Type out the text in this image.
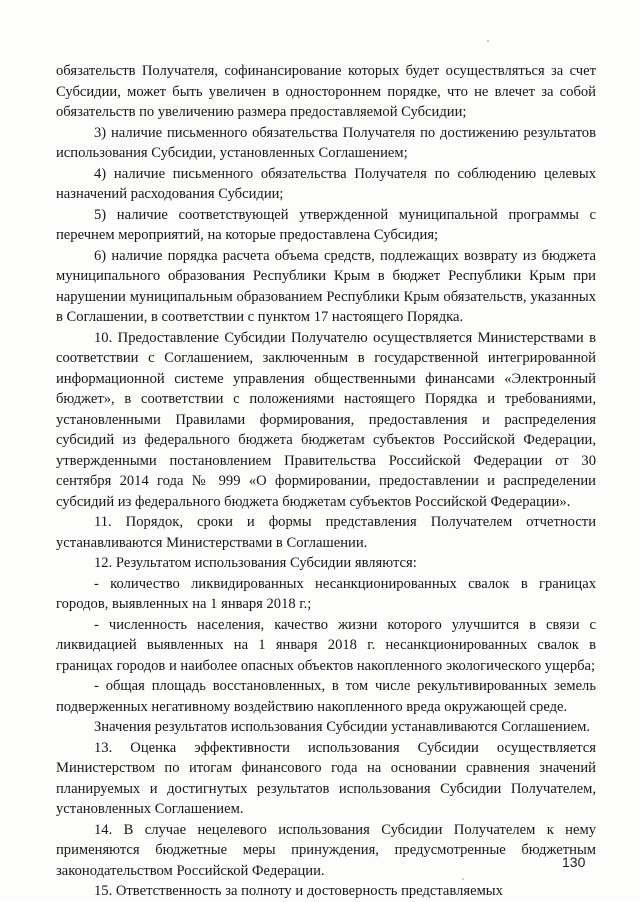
обязательств Получателя, софинансирование которых будет осуществляться за счет Субсидии, может быть увеличен в одностороннем порядке, что не влечет за собой обязательств по увеличению размера предоставляемой Субсидии;

3) наличие письменного обязательства Получателя по достижению результатов использования Субсидии, установленных Соглашением;

4) наличие письменного обязательства Получателя по соблюдению целевых назначений расходования Субсидии;

5) наличие соответствующей утвержденной муниципальной программы с перечнем мероприятий, на которые предоставлена Субсидия;

6) наличие порядка расчета объема средств, подлежащих возврату из бюджета муниципального образования Республики Крым в бюджет Республики Крым при нарушении муниципальным образованием Республики Крым обязательств, указанных в Соглашении, в соответствии с пунктом 17 настоящего Порядка.

10. Предоставление Субсидии Получателю осуществляется Министерствами в соответствии с Соглашением, заключенным в государственной интегрированной информационной системе управления общественными финансами «Электронный бюджет», в соответствии с положениями настоящего Порядка и требованиями, установленными Правилами формирования, предоставления и распределения субсидий из федерального бюджета бюджетам субъектов Российской Федерации, утвержденными постановлением Правительства Российской Федерации от 30 сентября 2014 года № 999 «О формировании, предоставлении и распределении субсидий из федерального бюджета бюджетам субъектов Российской Федерации».

11. Порядок, сроки и формы представления Получателем отчетности устанавливаются Министерствами в Соглашении.

12. Результатом использования Субсидии являются:

- количество ликвидированных несанкционированных свалок в границах городов, выявленных на 1 января 2018 г.;

- численность населения, качество жизни которого улучшится в связи с ликвидацией выявленных на 1 января 2018 г. несанкционированных свалок в границах городов и наиболее опасных объектов накопленного экологического ущерба;

- общая площадь восстановленных, в том числе рекультивированных земель подверженных негативному воздействию накопленного вреда окружающей среде.

Значения результатов использования Субсидии устанавливаются Соглашением.

13. Оценка эффективности использования Субсидии осуществляется Министерством по итогам финансового года на основании сравнения значений планируемых и достигнутых результатов использования Субсидии Получателем, установленных Соглашением.

14. В случае нецелевого использования Субсидии Получателем к нему применяются бюджетные меры принуждения, предусмотренные бюджетным законодательством Российской Федерации.

15. Ответственность за полноту и достоверность представляемых

130
